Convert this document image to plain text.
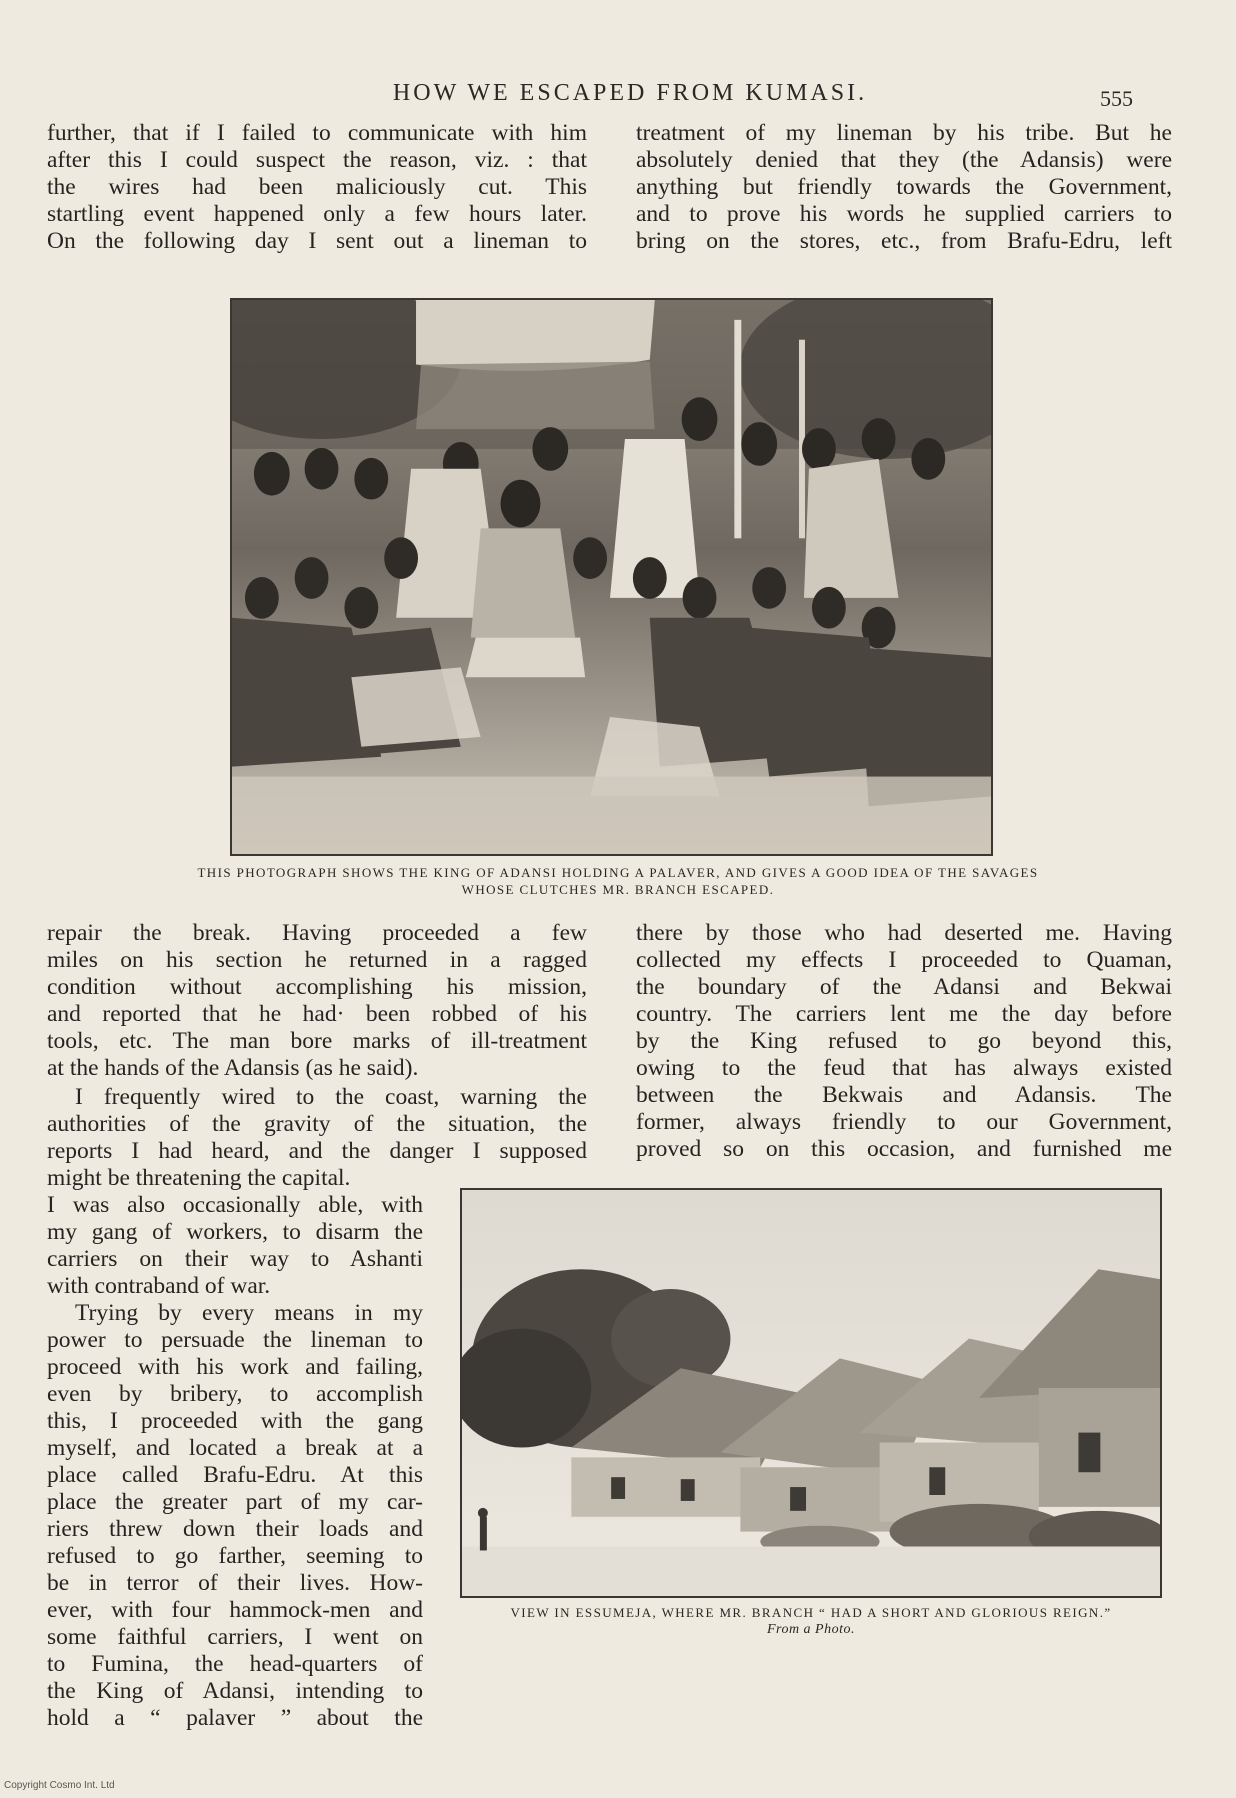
HOW WE ESCAPED FROM KUMASI.	555
further, that if I failed to communicate with him
after this I could suspect the reason, viz. : that
the wires had been maliciously cut. This
startling event happened only a few hours later.
On the following day I sent out a lineman to
treatment of my lineman by his tribe. But he
absolutely denied that they (the Adansis) were
anything but friendly towards the Government,
and to prove his words he supplied carriers to
bring on the stores, etc., from Brafu-Edru, left
THIS PHOTOGRAPH SHOWS THE KING OF ADANSI HOLDING A PALAVER, AND GIVES A GOOD IDEA OF THE SAVAGES
WHOSE CLUTCHES MR. BRANCH ESCAPED.
repair the break. Having proceeded a few
miles on his section he returned in a ragged
condition without accomplishing his mission,
and reported that he had· been robbed of his
tools, etc. The man bore marks of ill-treatment
at the hands of the Adansis (as he said).
I frequently wired to the coast, warning the
authorities of the gravity of the situation, the
reports I had heard, and the danger I supposed
might be threatening the capital.
I was also occasionally able, with
my gang of workers, to disarm the
carriers on their way to Ashanti
with contraband of war.
Trying by every means in my
power to persuade the lineman to
proceed with his work and failing,
even by bribery, to accomplish
this, I proceeded with the gang
myself, and located a break at a
place called Brafu-Edru. At this
place the greater part of my car-
riers threw down their loads and
refused to go farther, seeming to
be in terror of their lives. How-
ever, with four hammock-men and
some faithful carriers, I went on
to Fumina, the head-quarters of
the King of Adansi, intending to
hold a “ palaver ” about the
there by those who had deserted me. Having
collected my effects I proceeded to Quaman,
the boundary of the Adansi and Bekwai
country. The carriers lent me the day before
by the King refused to go beyond this,
owing to the feud that has always existed
between the Bekwais and Adansis. The
former, always friendly to our Government,
proved so on this occasion, and furnished me
VIEW IN ESSUMEJA, WHERE MR. BRANCH “ HAD A SHORT AND GLORIOUS REIGN.”
From a Photo.
Copyright Cosmo Int. Ltd
